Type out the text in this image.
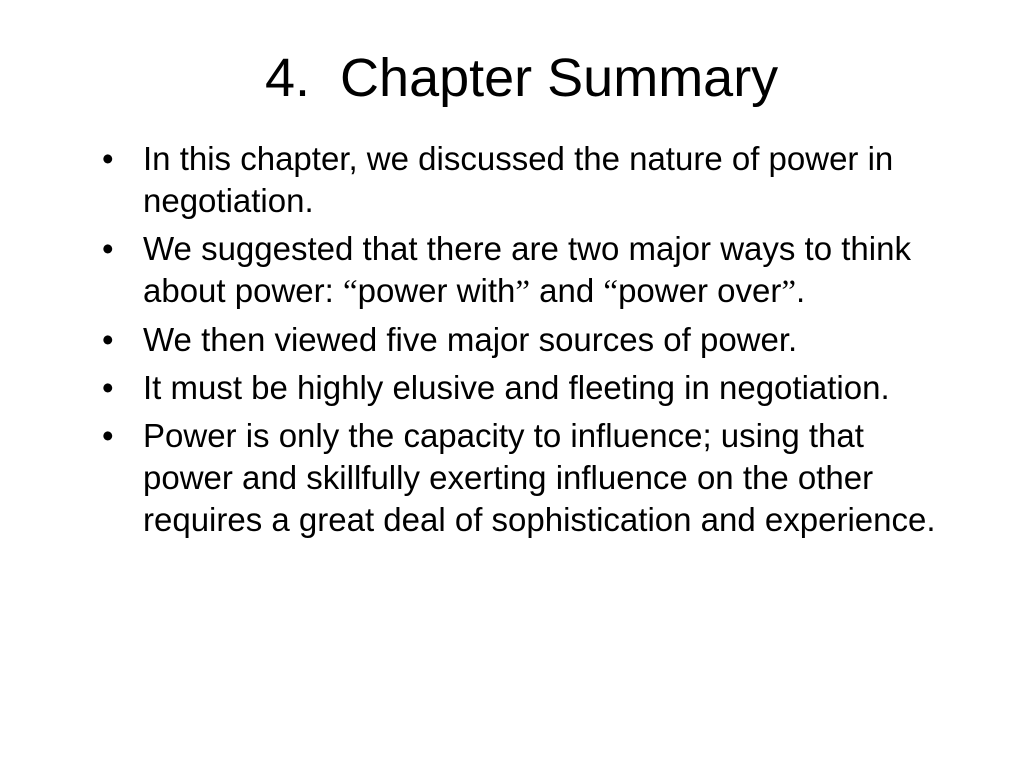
4.  Chapter Summary
• In this chapter, we discussed the nature of power in negotiation.
• We suggested that there are two major ways to think about power: “power with” and “power over”.
• We then viewed five major sources of power.
• It must be highly elusive and fleeting in negotiation.
• Power is only the capacity to influence; using that power and skillfully exerting influence on the other requires a great deal of sophistication and experience.
